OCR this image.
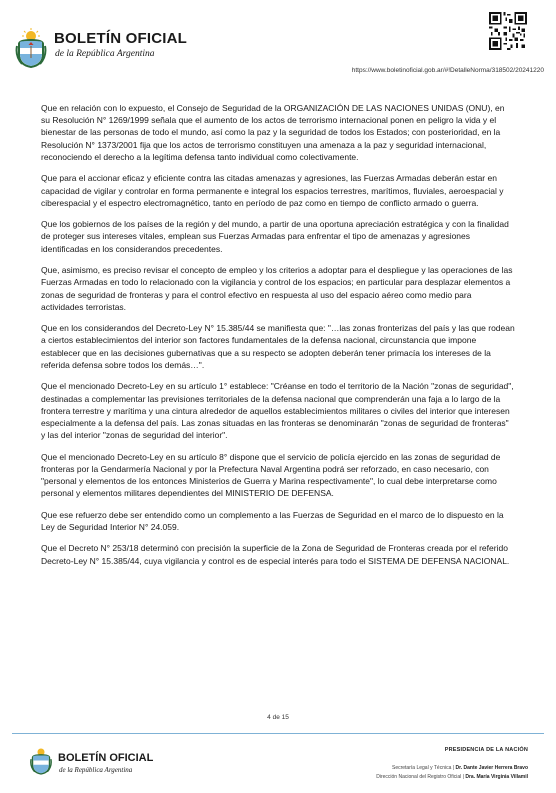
BOLETÍN OFICIAL
de la República Argentina
https://www.boletinoficial.gob.ar/#!DetalleNorma/318502/20241220

Que en relación con lo expuesto, el Consejo de Seguridad de la ORGANIZACIÓN DE LAS NACIONES UNIDAS (ONU), en su Resolución N° 1269/1999 señala que el aumento de los actos de terrorismo internacional ponen en peligro la vida y el bienestar de las personas de todo el mundo, así como la paz y la seguridad de todos los Estados; con posterioridad, en la Resolución N° 1373/2001 fija que los actos de terrorismo constituyen una amenaza a la paz y seguridad internacional, reconociendo el derecho a la legítima defensa tanto individual como colectivamente.

Que para el accionar eficaz y eficiente contra las citadas amenazas y agresiones, las Fuerzas Armadas deberán estar en capacidad de vigilar y controlar en forma permanente e integral los espacios terrestres, marítimos, fluviales, aeroespacial y ciberespacial y el espectro electromagnético, tanto en período de paz como en tiempo de conflicto armado o guerra.

Que los gobiernos de los países de la región y del mundo, a partir de una oportuna apreciación estratégica y con la finalidad de proteger sus intereses vitales, emplean sus Fuerzas Armadas para enfrentar el tipo de amenazas y agresiones identificadas en los considerandos precedentes.

Que, asimismo, es preciso revisar el concepto de empleo y los criterios a adoptar para el despliegue y las operaciones de las Fuerzas Armadas en todo lo relacionado con la vigilancia y control de los espacios; en particular para desplazar elementos a zonas de seguridad de fronteras y para el control efectivo en respuesta al uso del espacio aéreo como medio para actividades terroristas.

Que en los considerandos del Decreto-Ley N° 15.385/44 se manifiesta que: "…las zonas fronterizas del país y las que rodean a ciertos establecimientos del interior son factores fundamentales de la defensa nacional, circunstancia que impone establecer que en las decisiones gubernativas que a su respecto se adopten deberán tener primacía los intereses de la referida defensa sobre todos los demás…".

Que el mencionado Decreto-Ley en su artículo 1° establece: "Créanse en todo el territorio de la Nación "zonas de seguridad", destinadas a complementar las previsiones territoriales de la defensa nacional que comprenderán una faja a lo largo de la frontera terrestre y marítima y una cintura alrededor de aquellos establecimientos militares o civiles del interior que interesen especialmente a la defensa del país. Las zonas situadas en las fronteras se denominarán "zonas de seguridad de fronteras" y las del interior "zonas de seguridad del interior".

Que el mencionado Decreto-Ley en su artículo 8° dispone que el servicio de policía ejercido en las zonas de seguridad de fronteras por la Gendarmería Nacional y por la Prefectura Naval Argentina podrá ser reforzado, en caso necesario, con "personal y elementos de los entonces Ministerios de Guerra y Marina respectivamente", lo cual debe interpretarse como personal y elementos militares dependientes del MINISTERIO DE DEFENSA.

Que ese refuerzo debe ser entendido como un complemento a las Fuerzas de Seguridad en el marco de lo dispuesto en la Ley de Seguridad Interior N° 24.059.

Que el Decreto N° 253/18 determinó con precisión la superficie de la Zona de Seguridad de Fronteras creada por el referido Decreto-Ley N° 15.385/44, cuya vigilancia y control es de especial interés para todo el SISTEMA DE DEFENSA NACIONAL.

4 de 15
BOLETÍN OFICIAL
de la República Argentina
PRESIDENCIA DE LA NACIÓN
Secretaría Legal y Técnica | Dr. Dante Javier Herrera Bravo
Dirección Nacional del Registro Oficial | Dra. María Virginia Villamil
